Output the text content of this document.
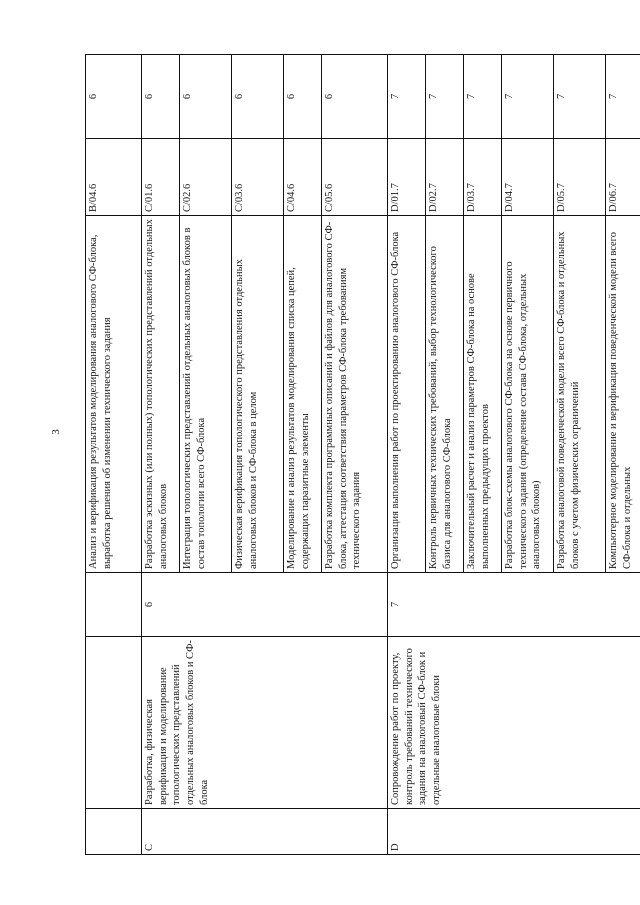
3
			Анализ и верификация результатов моделирования аналогового СФ-блока, выработка решения об изменении технического задания	B/04.6	6
C	Разработка, физическая верификация и моделирование топологических представлений отдельных аналоговых блоков и СФ-блока	6	Разработка эскизных (или полных) топологических представлений отдельных аналоговых блоков	C/01.6	6
			Интеграция топологических представлений отдельных аналоговых блоков в состав топологии всего СФ-блока	C/02.6	6
			Физическая верификация топологического представления отдельных аналоговых блоков и СФ-блока в целом	C/03.6	6
			Моделирование и анализ результатов моделирования списка цепей, содержащих паразитные элементы	C/04.6	6
			Разработка комплекта программных описаний и файлов для аналогового СФ-блока, аттестация соответствия параметров СФ-блока требованиям технического задания	C/05.6	6
D	Сопровождение работ по проекту, контроль требований технического задания на аналоговый СФ-блок и отдельные аналоговые блоки	7	Организация выполнения работ по проектированию аналогового СФ-блока	D/01.7	7
			Контроль первичных технических требований, выбор технологического базиса для аналогового СФ-блока	D/02.7	7
			Заключительный расчет и анализ параметров СФ-блока на основе выполненных предыдущих проектов	D/03.7	7
			Разработка блок-схемы аналогового СФ-блока на основе первичного технического задания (определение состава СФ-блока, отдельных аналоговых блоков)	D/04.7	7
			Разработка аналоговой поведенческой модели всего СФ-блока и отдельных блоков с учетом физических ограничений	D/05.7	7
			Компьютерное моделирование и верификация поведенческой модели всего СФ-блока и отдельных	D/06.7	7
